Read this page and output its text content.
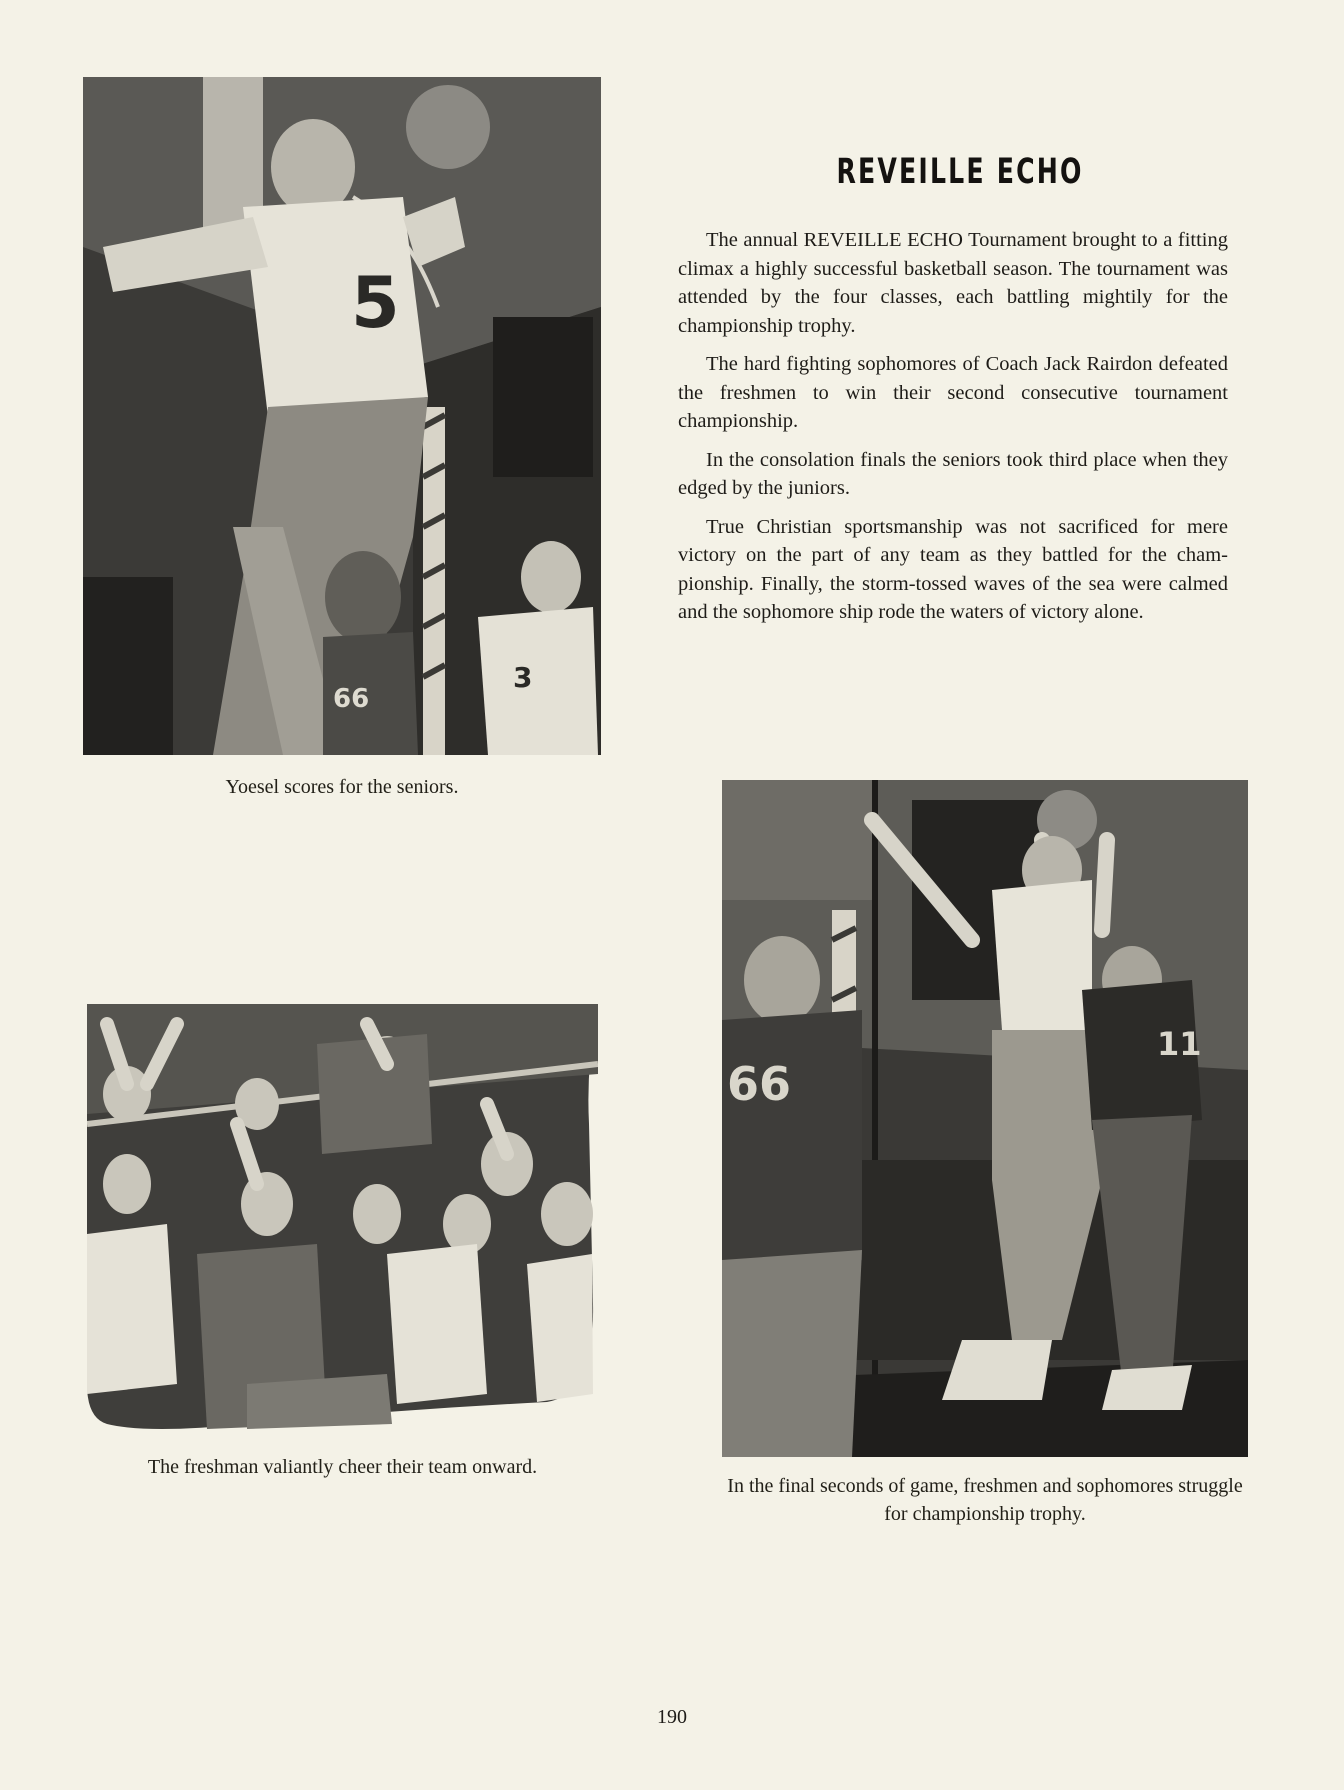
5
66
3
Yoesel scores for the seniors.
REVEILLE ECHO

The annual REVEILLE ECHO Tournament brought to a fitting climax a highly successful basketball season. The tournament was attended by the four classes, each battling mightily for the championship trophy.

The hard fighting sophomores of Coach Jack Rairdon defeated the freshmen to win their second consecutive tournament championship.

In the consolation finals the seniors took third place when they edged by the juniors.

True Christian sportsmanship was not sacrificed for mere victory on the part of any team as they battled for the championship. Finally, the storm-tossed waves of the sea were calmed and the sophomore ship rode the waters of victory alone.

The freshman valiantly cheer their team onward.
11
66
In the final seconds of game, freshmen and sophomores struggle for championship trophy.
190
